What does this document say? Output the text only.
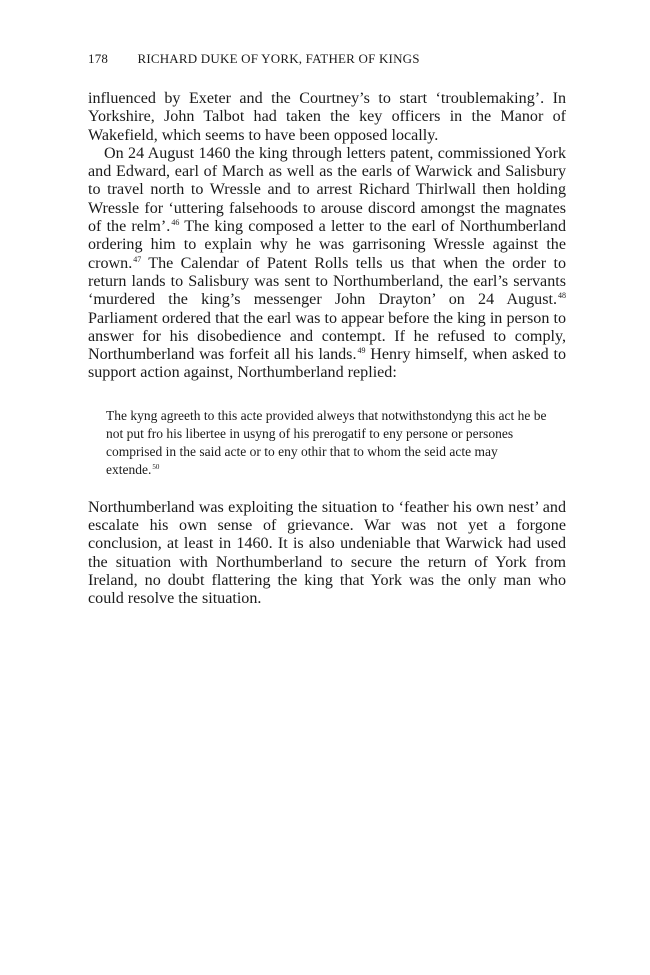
178 RICHARD DUKE OF YORK, FATHER OF KINGS

influenced by Exeter and the Courtney’s to start ‘troublemaking’. In Yorkshire, John Talbot had taken the key officers in the Manor of Wakefield, which seems to have been opposed locally.

On 24 August 1460 the king through letters patent, commissioned York and Edward, earl of March as well as the earls of Warwick and Salisbury to travel north to Wressle and to arrest Richard Thirlwall then holding Wressle for ‘uttering falsehoods to arouse discord amongst the magnates of the relm’.$^{46}$ The king composed a letter to the earl of Northumberland ordering him to explain why he was garrisoning Wressle against the crown.$^{47}$ The Calendar of Patent Rolls tells us that when the order to return lands to Salisbury was sent to Northumberland, the earl’s servants ‘murdered the king’s messenger John Drayton’ on 24 August.$^{48}$ Parliament ordered that the earl was to appear before the king in person to answer for his disobedience and contempt. If he refused to comply, Northumberland was forfeit all his lands.$^{49}$ Henry himself, when asked to support action against, Northumberland replied:

The kyng agreeth to this acte provided alweys that notwithstondyng this act he be not put fro his libertee in usyng of his prerogatif to eny persone or persones comprised in the said acte or to eny othir that to whom the seid acte may extende.$^{50}$

Northumberland was exploiting the situation to ‘feather his own nest’ and escalate his own sense of grievance. War was not yet a forgone conclusion, at least in 1460. It is also undeniable that Warwick had used the situation with Northumberland to secure the return of York from Ireland, no doubt flattering the king that York was the only man who could resolve the situation.
